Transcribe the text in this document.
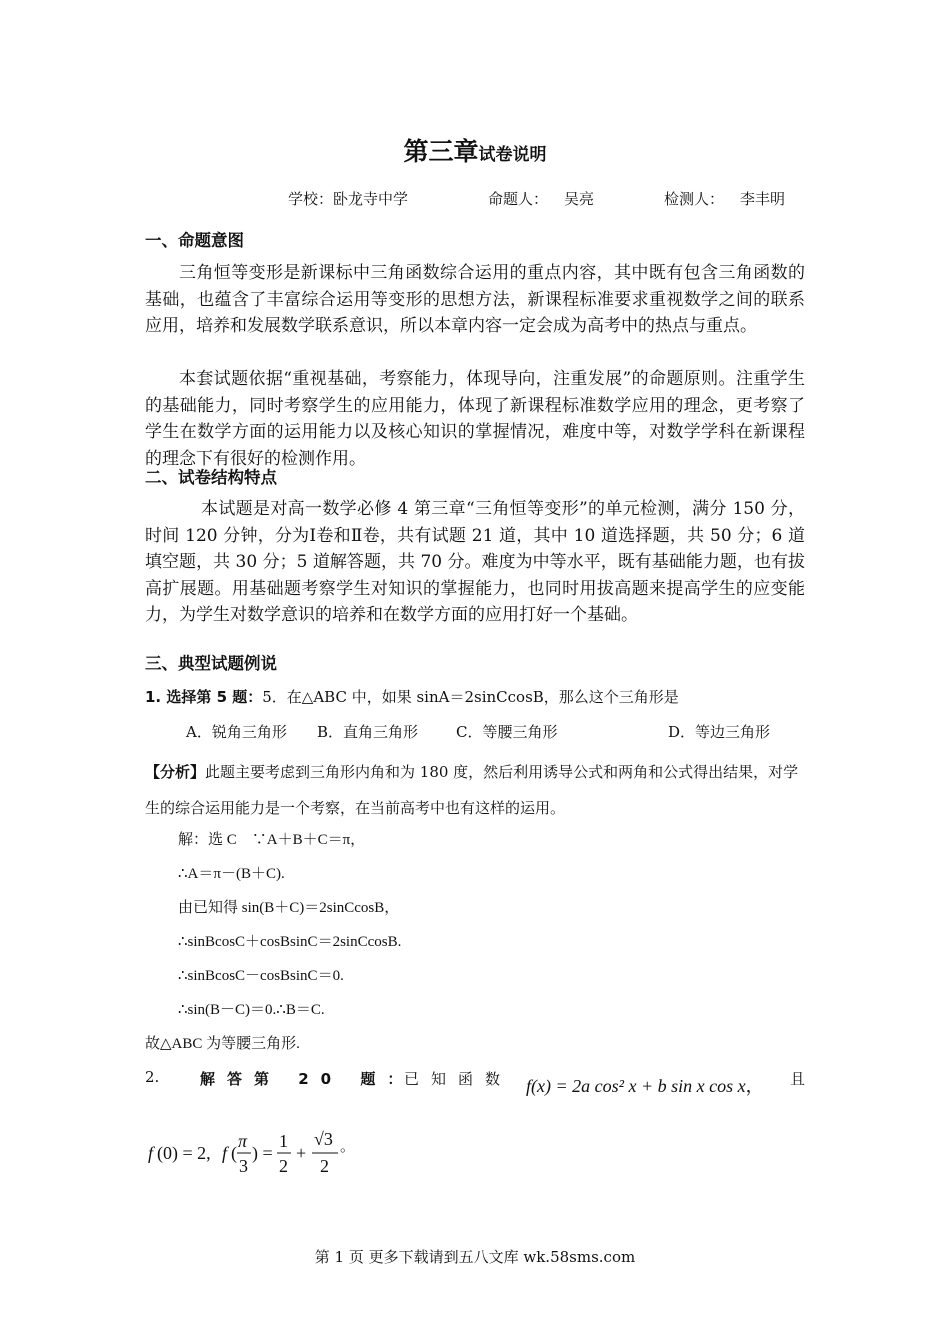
第三章试卷说明
学校：卧龙寺中学	命题人： 吴亮	检测人： 李丰明
一、命题意图

三角恒等变形是新课标中三角函数综合运用的重点内容，其中既有包含三角函数的基础，也蕴含了丰富综合运用等变形的思想方法，新课程标准要求重视数学之间的联系应用，培养和发展数学联系意识，所以本章内容一定会成为高考中的热点与重点。

本套试题依据“重视基础，考察能力，体现导向，注重发展”的命题原则。注重学生的基础能力，同时考察学生的应用能力，体现了新课程标准数学应用的理念，更考察了学生在数学方面的运用能力以及核心知识的掌握情况，难度中等，对数学学科在新课程的理念下有很好的检测作用。

二、试卷结构特点

本试题是对高一数学必修 4 第三章“三角恒等变形”的单元检测，满分 150 分，时间 120 分钟，分为Ⅰ卷和Ⅱ卷，共有试题 21 道，其中 10 道选择题，共 50 分；6 道填空题，共 30 分；5 道解答题，共 70 分。难度为中等水平，既有基础能力题，也有拔高扩展题。用基础题考察学生对知识的掌握能力，也同时用拔高题来提高学生的应变能力，为学生对数学意识的培养和在数学方面的应用打好一个基础。

三、典型试题例说
1. 选择第 5 题：5．在△ABC 中，如果 sinA＝2sinCcosB，那么这个三角形是
A．锐角三角形 B．直角三角形	C．等腰三角形	D．等边三角形

【分析】此题主要考虑到三角形内角和为 180 度，然后利用诱导公式和两角和公式得出结果，对学生的综合运用能力是一个考察，在当前高考中也有这样的运用。

解：选 C　∵A＋B＋C＝π，
∴A＝π－(B＋C).
由已知得 sin(B＋C)＝2sinCcosB，
∴sinBcosC＋cosBsinC＝2sinCcosB.
∴sinBcosC－cosBsinC＝0.
∴sin(B－C)＝0.∴B＝C.
故△ABC 为等腰三角形.
2.	解答第 20 题：
已知函数 f(x) = 2a cos² x + b sin x cos x， 且
f (0) = 2, f (
π
3
) =
1
2
+
√3
2
。
第 1 页 更多下载请到五八文库 wk.58sms.com
